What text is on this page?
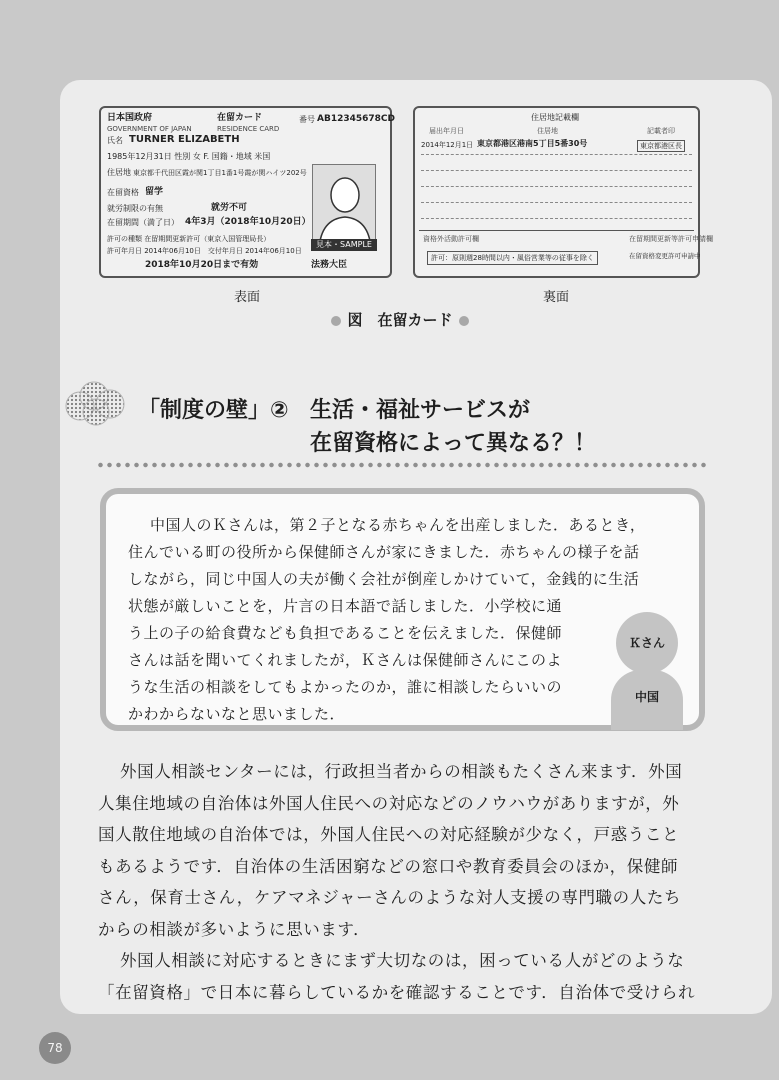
日本国政府
GOVERNMENT OF JAPAN
在留カード
RESIDENCE CARD
番号 AB12345678CD
氏名 TURNER ELIZABETH
1985年12月31日 性別 女 F. 国籍・地域 米国
住居地 東京都千代田区霞が関1丁目1番1号霞が関ハイツ202号
在留資格 留学
就労制限の有無	就労不可
在留期間（満了日） 4年3月（2018年10月20日）
許可の種類 在留期間更新許可（東京入国管理局長）
許可年月日 2014年06月10日　交付年月日 2014年06月10日
2018年10月20日まで有効	法務大臣
見本・SAMPLE
表面
住居地記載欄
届出年月日	住居地	記載者印
2014年12月1日 東京都港区港南5丁目5番30号	東京都港区長
資格外活動許可欄
許可：原則週28時間以内・風俗営業等の従事を除く
在留期間更新等許可申請欄
在留資格変更許可申請中
裏面
図　在留カード
「制度の壁」② 生活・福祉サービスが
在留資格によって異なる？！
中国人のＫさんは，第２子となる赤ちゃんを出産しました．あるとき，
住んでいる町の役所から保健師さんが家にきました．赤ちゃんの様子を話
しながら，同じ中国人の夫が働く会社が倒産しかけていて，金銭的に生活
状態が厳しいことを，片言の日本語で話しました．小学校に通
う上の子の給食費なども負担であることを伝えました．保健師
さんは話を聞いてくれましたが，Ｋさんは保健師さんにこのよ
うな生活の相談をしてもよかったのか，誰に相談したらいいの
かわからないなと思いました．
中国
Ｋさん
外国人相談センターには，行政担当者からの相談もたくさん来ます．外国
人集住地域の自治体は外国人住民への対応などのノウハウがありますが，外
国人散住地域の自治体では，外国人住民への対応経験が少なく，戸惑うこと
もあるようです．自治体の生活困窮などの窓口や教育委員会のほか，保健師
さん，保育士さん，ケアマネジャーさんのような対人支援の専門職の人たち
からの相談が多いように思います．
外国人相談に対応するときにまず大切なのは，困っている人がどのような
「在留資格」で日本に暮らしているかを確認することです．自治体で受けられ
78
